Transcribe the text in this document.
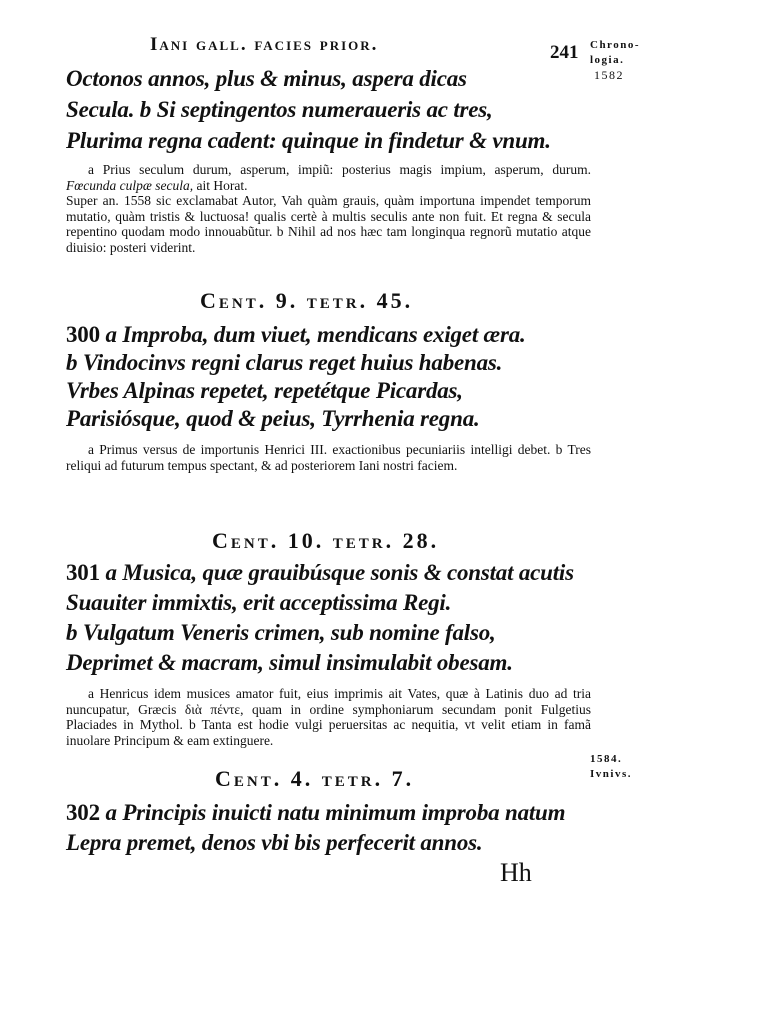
Iani gall. facies prior.	241 Chrono-
logia.
1582
Octonos annos, plus & minus, aspera dicas
Secula. b Si septingentos numeraueris ac tres,
Plurima regna cadent: quinque in findetur & vnum.

a Prius seculum durum, asperum, impiũ: posterius magis impium, asperum, durum. Fœcunda culpæ secula, ait Horat.

Super an. 1558 sic exclamabat Autor, Vah quàm grauis, quàm importuna impendet temporum mutatio, quàm tristis & luctuosa! qualis certè à multis seculis ante non fuit. Et regna & secula repentino quodam modo innouabũtur. b Nihil ad nos hæc tam longinqua regnorũ mutatio atque diuisio: posteri viderint.

Cent. 9. tetr. 45.
300 a Improba, dum viuet, mendicans exiget æra.
b Vindocinvs regni clarus reget huius habenas.
Vrbes Alpinas repetet, repetétque Picardas,
Parisiósque, quod & peius, Tyrrhenia regna.

a Primus versus de importunis Henrici III. exactionibus pecuniariis intelligi debet. b Tres reliqui ad futurum tempus spectant, & ad posteriorem Iani nostri faciem.

Cent. 10. tetr. 28.
301 a Musica, quæ grauibúsque sonis & constat acutis
Suauiter immixtis, erit acceptissima Regi.
b Vulgatum Veneris crimen, sub nomine falso,
Deprimet & macram, simul insimulabit obesam.

a Henricus idem musices amator fuit, eius imprimis ait Vates, quæ à Latinis duo ad tria nuncupatur, Græcis διὰ πέντε, quam in ordine symphoniarum secundam ponit Fulgetius Placiades in Mythol. b Tanta est hodie vulgi peruersitas ac nequitia, vt velit etiam in famã inuolare Principum & eam extinguere.

1584.
Ivnivs.
Cent. 4. tetr. 7.
302 a Principis inuicti natu minimum improba natum
Lepra premet, denos vbi bis perfecerit annos.
Hh
